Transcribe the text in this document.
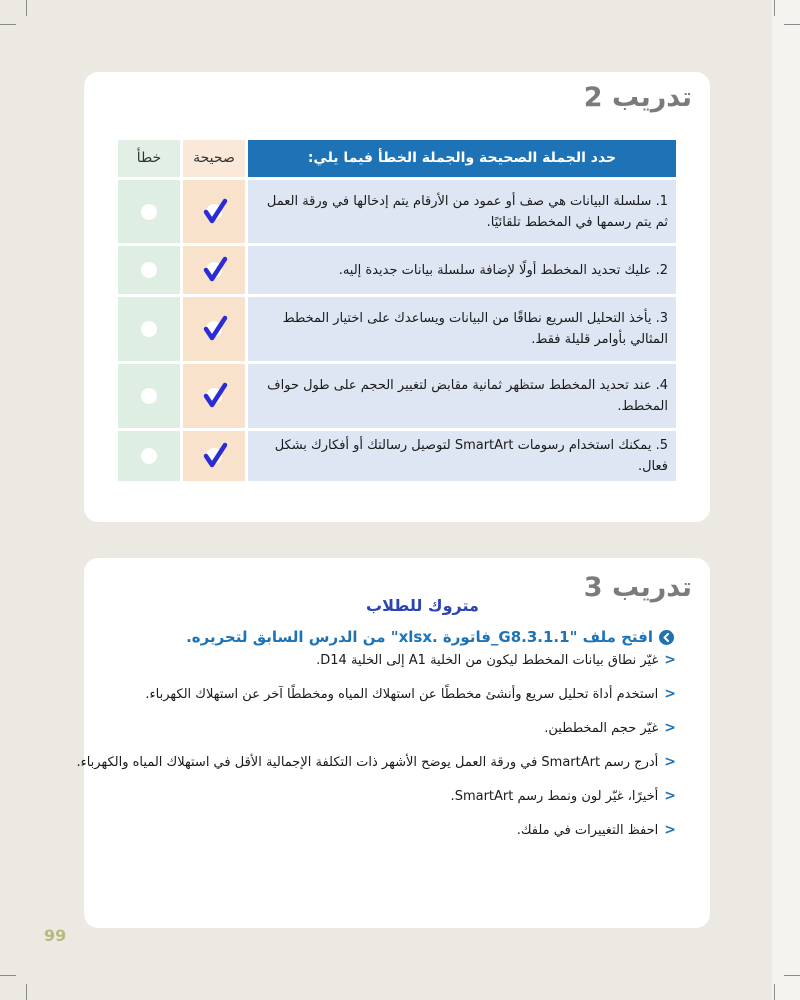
تدريب 2
خطأ	صحيحة	حدد الجملة الصحيحة والجملة الخطأ فيما يلي:
1. سلسلة البيانات هي صف أو عمود من الأرقام يتم إدخالها في ورقة العمل ثم يتم رسمها في المخطط تلقائيًا.
2. عليك تحديد المخطط أولًا لإضافة سلسلة بيانات جديدة إليه.
3. يأخذ التحليل السريع نطاقًا من البيانات ويساعدك على اختيار المخطط المثالي بأوامر قليلة فقط.
4. عند تحديد المخطط ستظهر ثمانية مقابض لتغيير الحجم على طول حواف المخطط.
5. يمكنك استخدام رسومات SmartArt لتوصيل رسالتك أو أفكارك بشكل فعال.
تدريب 3
متروك للطلاب
افتح ملف "G8.3.1.1_فاتورة .xlsx" من الدرس السابق لتحريره.
<
غيّر نطاق بيانات المخطط ليكون من الخلية A1 إلى الخلية D14.
<
استخدم أداة تحليل سريع وأنشئ مخططًا عن استهلاك المياه ومخططًا آخر عن استهلاك الكهرباء.
<
غيّر حجم المخططين.
<
أدرج رسم SmartArt في ورقة العمل يوضح الأشهر ذات التكلفة الإجمالية الأقل في استهلاك المياه والكهرباء.
<
أخيرًا، غيّر لون ونمط رسم SmartArt.
<
احفظ التغييرات في ملفك.
99
